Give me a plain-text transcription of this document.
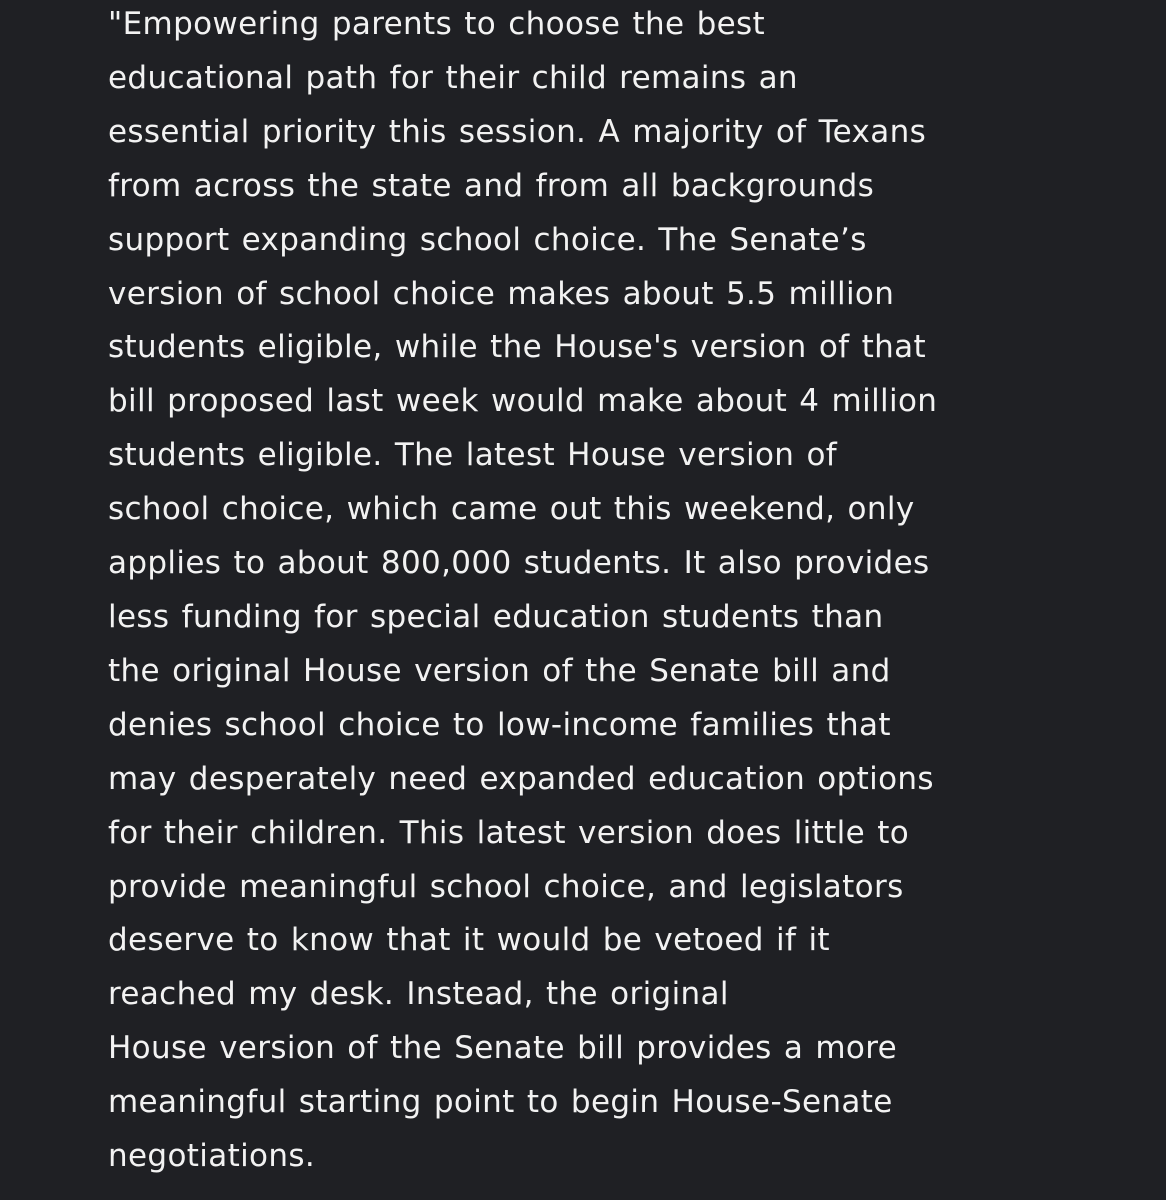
"Empowering parents to choose the best
educational path for their child remains an
essential priority this session. A majority of Texans
from across the state and from all backgrounds
support expanding school choice. The Senate’s
version of school choice makes about 5.5 million
students eligible, while the House's version of that
bill proposed last week would make about 4 million
students eligible. The latest House version of
school choice, which came out this weekend, only
applies to about 800,000 students. It also provides
less funding for special education students than
the original House version of the Senate bill and
denies school choice to low-income families that
may desperately need expanded education options
for their children. This latest version does little to
provide meaningful school choice, and legislators
deserve to know that it would be vetoed if it
reached my desk. Instead, the original
House version of the Senate bill provides a more
meaningful starting point to begin House-Senate
negotiations.
